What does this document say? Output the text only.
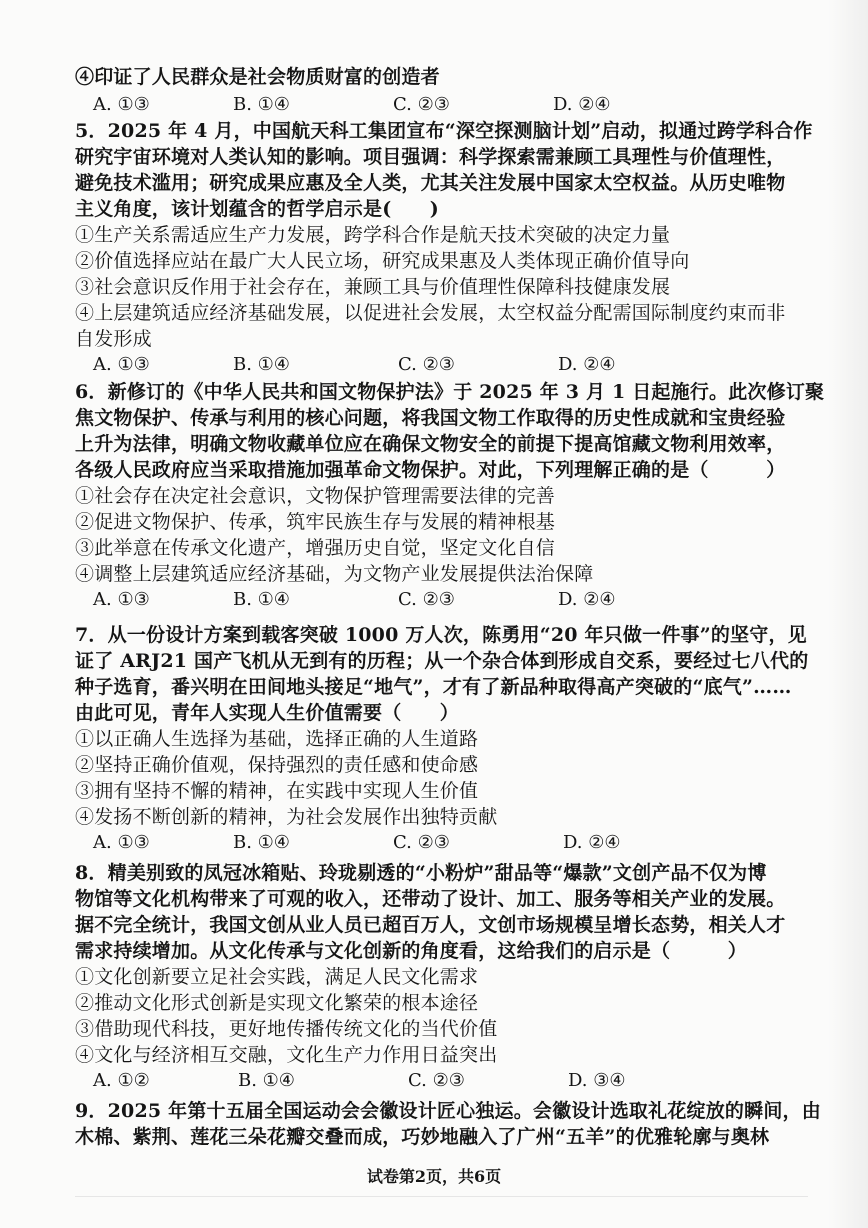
④印证了人民群众是社会物质财富的创造者
A. ①③	B. ①④	C. ②③	D. ②④
5．2025 年 4 月，中国航天科工集团宣布“深空探测脑计划”启动，拟通过跨学科合作
研究宇宙环境对人类认知的影响。项目强调：科学探索需兼顾工具理性与价值理性，
避免技术滥用；研究成果应惠及全人类，尤其关注发展中国家太空权益。从历史唯物
主义角度，该计划蕴含的哲学启示是(　　)
①生产关系需适应生产力发展，跨学科合作是航天技术突破的决定力量
②价值选择应站在最广大人民立场，研究成果惠及人类体现正确价值导向
③社会意识反作用于社会存在，兼顾工具与价值理性保障科技健康发展
④上层建筑适应经济基础发展，以促进社会发展，太空权益分配需国际制度约束而非
自发形成
A. ①③	B. ①④	C. ②③	D. ②④
6．新修订的《中华人民共和国文物保护法》于 2025 年 3 月 1 日起施行。此次修订聚
焦文物保护、传承与利用的核心问题，将我国文物工作取得的历史性成就和宝贵经验
上升为法律，明确文物收藏单位应在确保文物安全的前提下提高馆藏文物利用效率，
各级人民政府应当采取措施加强革命文物保护。对此，下列理解正确的是（　　　）
①社会存在决定社会意识，文物保护管理需要法律的完善
②促进文物保护、传承，筑牢民族生存与发展的精神根基
③此举意在传承文化遗产，增强历史自觉，坚定文化自信
④调整上层建筑适应经济基础，为文物产业发展提供法治保障
A. ①③	B. ①④	C. ②③	D. ②④
7．从一份设计方案到载客突破 1000 万人次，陈勇用“20 年只做一件事”的坚守，见
证了 ARJ21 国产飞机从无到有的历程；从一个杂合体到形成自交系，要经过七八代的
种子选育，番兴明在田间地头接足“地气”，才有了新品种取得高产突破的“底气”……
由此可见，青年人实现人生价值需要（　　）
①以正确人生选择为基础，选择正确的人生道路
②坚持正确价值观，保持强烈的责任感和使命感
③拥有坚持不懈的精神，在实践中实现人生价值
④发扬不断创新的精神，为社会发展作出独特贡献
A. ①③	B. ①④	C. ②③	D. ②④
8．精美别致的凤冠冰箱贴、玲珑剔透的“小粉炉”甜品等“爆款”文创产品不仅为博
物馆等文化机构带来了可观的收入，还带动了设计、加工、服务等相关产业的发展。
据不完全统计，我国文创从业人员已超百万人，文创市场规模呈增长态势，相关人才
需求持续增加。从文化传承与文化创新的角度看，这给我们的启示是（　　　）
①文化创新要立足社会实践，满足人民文化需求
②推动文化形式创新是实现文化繁荣的根本途径
③借助现代科技，更好地传播传统文化的当代价值
④文化与经济相互交融，文化生产力作用日益突出
A. ①②	B. ①④	C. ②③	D. ③④
9．2025 年第十五届全国运动会会徽设计匠心独运。会徽设计选取礼花绽放的瞬间，由
木棉、紫荆、莲花三朵花瓣交叠而成，巧妙地融入了广州“五羊”的优雅轮廓与奥林
试卷第2页，共6页
